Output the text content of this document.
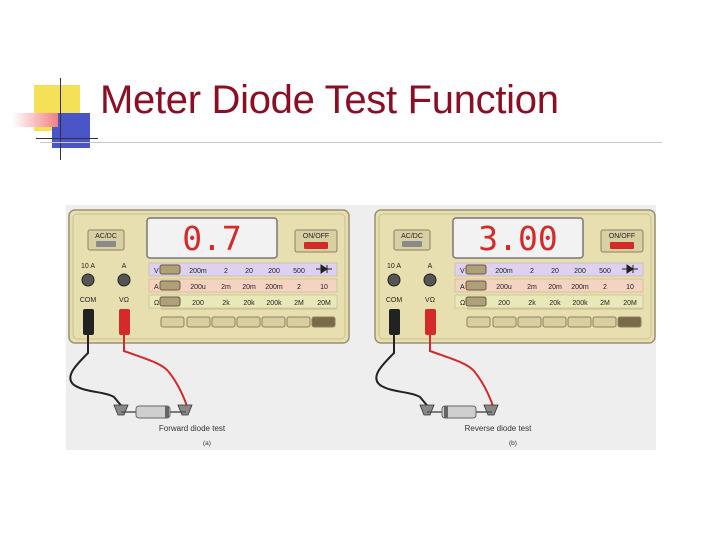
Meter Diode Test Function
AC/DC 0.7	ON/OFF
10 A	A
COM	VΩ
V	200m 2 20 200 500
A	200u 2m 20m 200m 2	10
Ω	200	2k 20k 200k 2M 20M
Forward diode test
(a)
AC/DC 3.00	ON/OFF
10 A	A
COM	VΩ
V	200m 2 20 200 500
A	200u 2m 20m 200m 2	10
Ω	200	2k 20k 200k 2M 20M
Reverse diode test
(b)
